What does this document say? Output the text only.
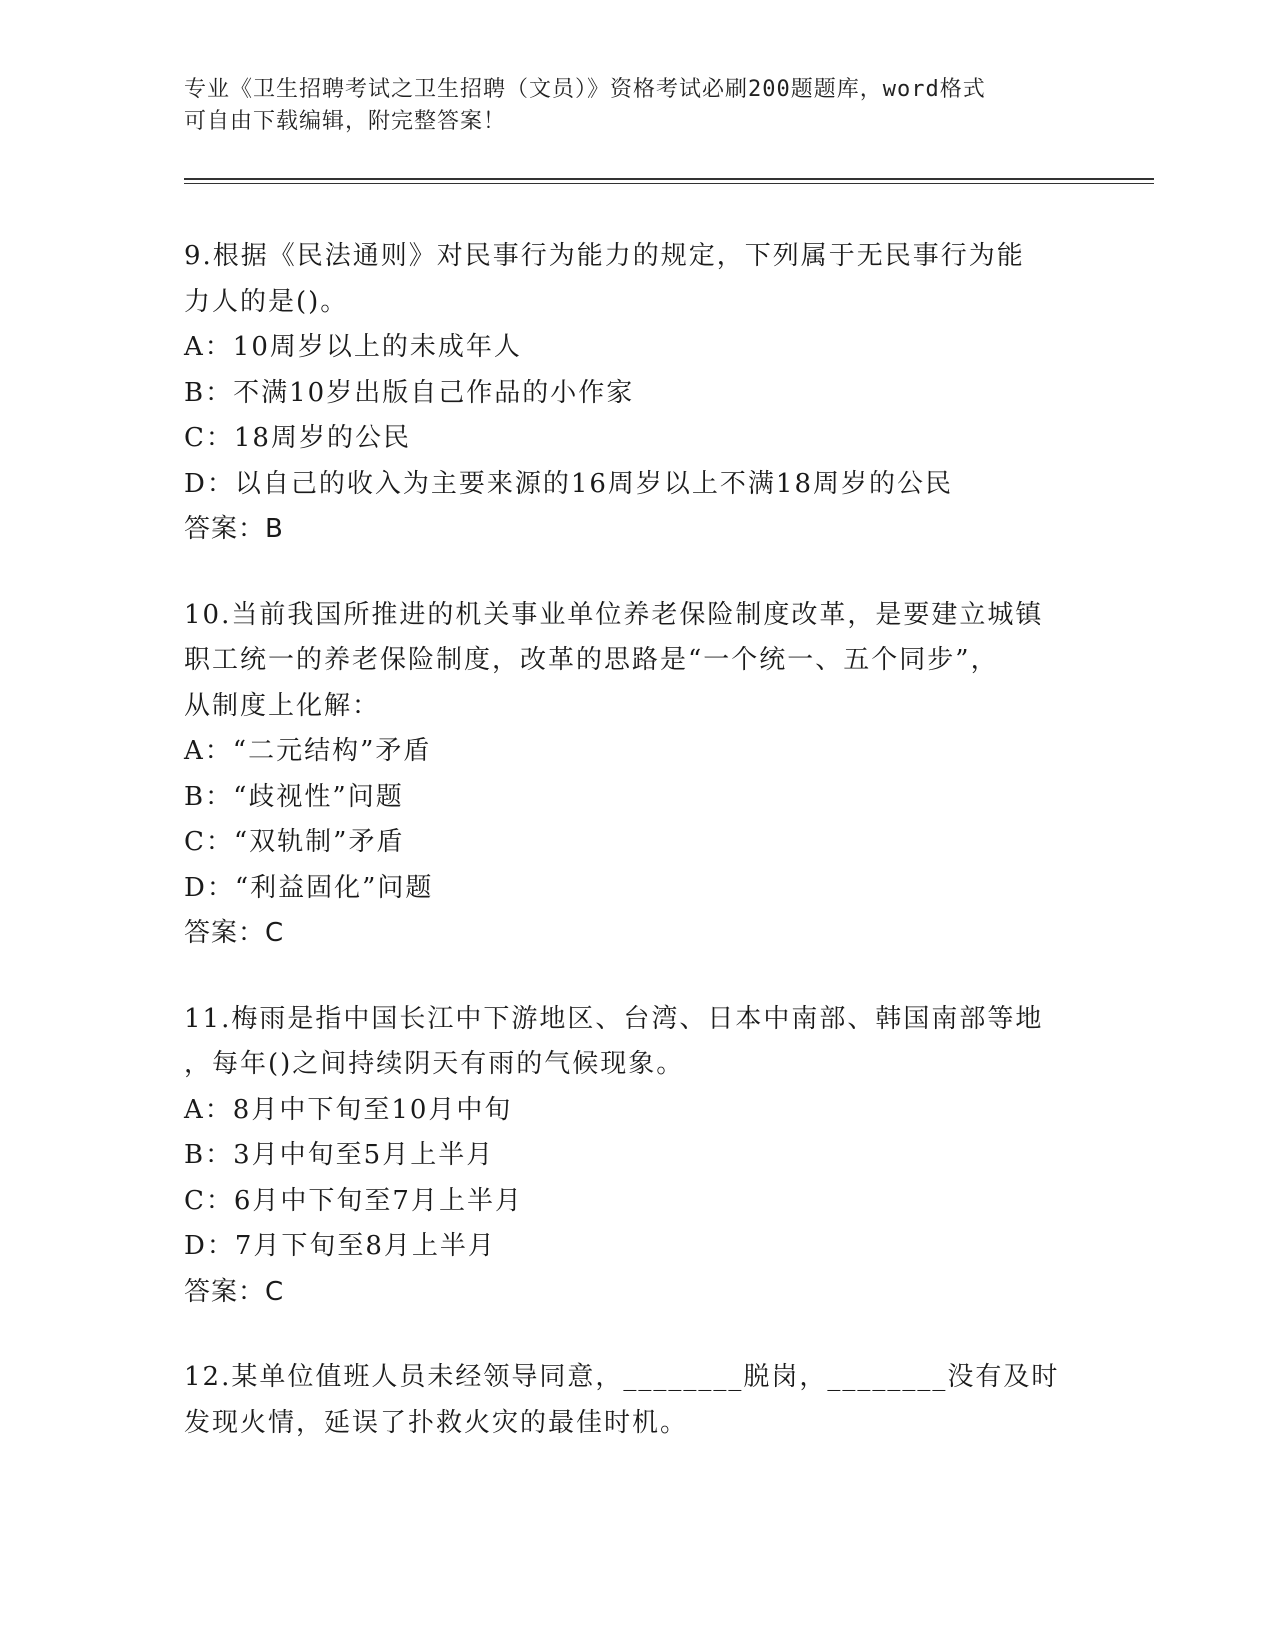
专业《卫生招聘考试之卫生招聘（文员）》资格考试必刷200题题库，word格式
可自由下载编辑，附完整答案！
9.根据《民法通则》对民事行为能力的规定，下列属于无民事行为能
力人的是()。
A：10周岁以上的未成年人
B：不满10岁出版自己作品的小作家
C：18周岁的公民
D：以自己的收入为主要来源的16周岁以上不满18周岁的公民
答案：B
10.当前我国所推进的机关事业单位养老保险制度改革，是要建立城镇
职工统一的养老保险制度，改革的思路是“一个统一、五个同步”，
从制度上化解：
A：“二元结构”矛盾
B：“歧视性”问题
C：“双轨制”矛盾
D：“利益固化”问题
答案：C
11.梅雨是指中国长江中下游地区、台湾、日本中南部、韩国南部等地
，每年()之间持续阴天有雨的气候现象。
A：8月中下旬至10月中旬
B：3月中旬至5月上半月
C：6月中下旬至7月上半月
D：7月下旬至8月上半月
答案：C
12.某单位值班人员未经领导同意，________脱岗，________没有及时
发现火情，延误了扑救火灾的最佳时机。
